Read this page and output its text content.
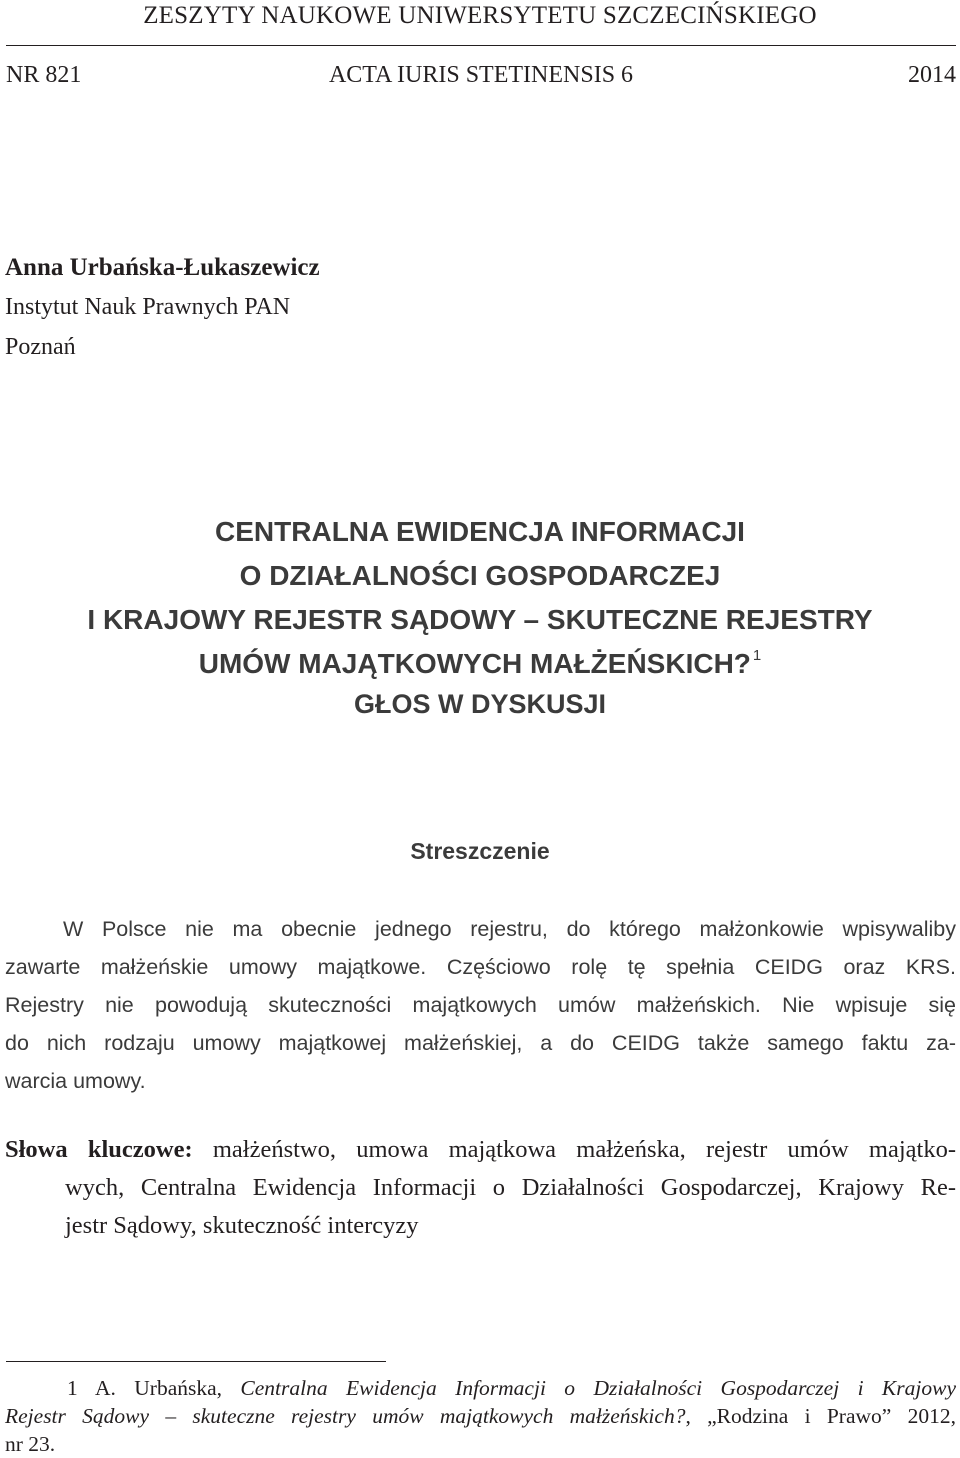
ZESZYTY NAUKOWE UNIWERSYTETU SZCZECIŃSKIEGO
NR 821	ACTA IURIS STETINENSIS 6	2014
Anna Urbańska-Łukaszewicz
Instytut Nauk Prawnych PAN
Poznań
CENTRALNA EWIDENCJA INFORMACJI
O DZIAŁALNOŚCI GOSPODARCZEJ
I KRAJOWY REJESTR SĄDOWY – SKUTECZNE REJESTRY
UMÓW MAJĄTKOWYCH MAŁŻEŃSKICH? $^1$
GŁOS W DYSKUSJI
Streszczenie
W Polsce nie ma obecnie jednego rejestru, do którego małżonkowie wpisywaliby
zawarte małżeńskie umowy majątkowe. Częściowo rolę tę spełnia CEIDG oraz KRS.
Rejestry nie powodują skuteczności majątkowych umów małżeńskich. Nie wpisuje się
do nich rodzaju umowy majątkowej małżeńskiej, a do CEIDG także samego faktu za-
warcia umowy.
Słowa kluczowe: małżeństwo, umowa majątkowa małżeńska, rejestr umów majątko-
wych, Centralna Ewidencja Informacji o Działalności Gospodarczej, Krajowy Re-
jestr Sądowy, skuteczność intercyzy
1 A. Urbańska, Centralna Ewidencja Informacji o Działalności Gospodarczej i Krajowy
Rejestr Sądowy – skuteczne rejestry umów majątkowych małżeńskich?, „Rodzina i Prawo” 2012,
nr 23.
